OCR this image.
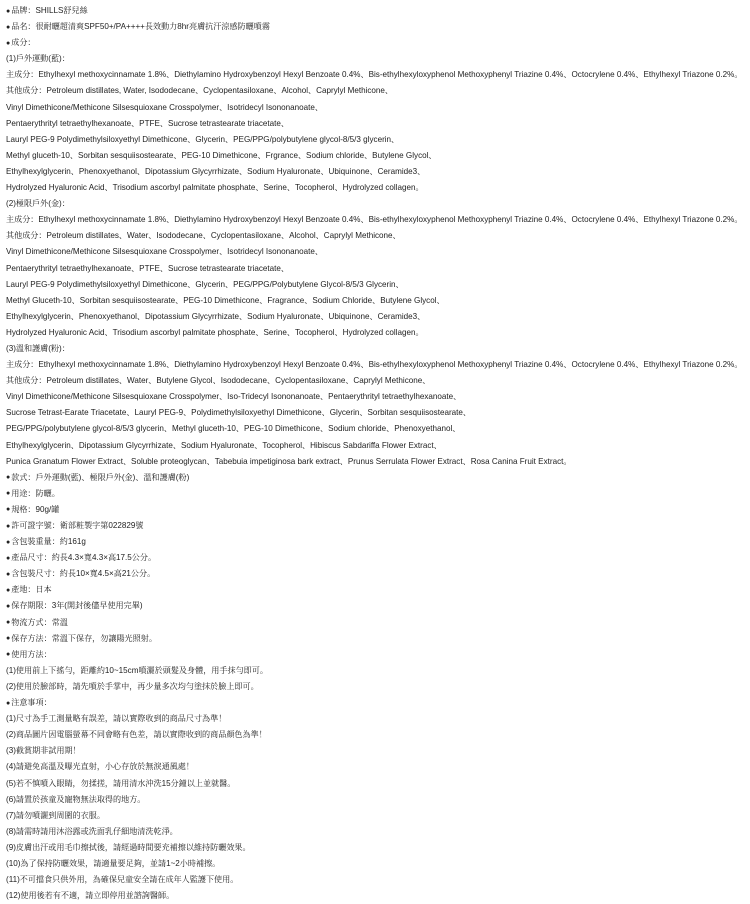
● 品牌：SHILLS舒兒絲
● 品名：很耐曬超清爽SPF50+/PA++++長效動力8hr亮膚抗汗涼感防曬噴霧
● 成分：
(1)戶外運動(藍)：
主成分：Ethylhexyl methoxycinnamate 1.8%、Diethylamino Hydroxybenzoyl Hexyl Benzoate 0.4%、Bis-ethylhexyloxyphenol Methoxyphenyl Triazine 0.4%、Octocrylene 0.4%、Ethylhexyl Triazone 0.2%。
其他成分：Petroleum distillates, Water, Isododecane、Cyclopentasiloxane、Alcohol、Caprylyl Methicone、
Vinyl Dimethicone/Methicone Silsesquioxane Crosspolymer、Isotridecyl Isononanoate、
Pentaerythrityl tetraethylhexanoate、PTFE、Sucrose tetrastearate triacetate、
Lauryl PEG-9 Polydimethylsiloxyethyl Dimethicone、Glycerin、PEG/PPG/polybutylene glycol-8/5/3 glycerin、
Methyl gluceth-10、Sorbitan sesquiisostearate、PEG-10 Dimethicone、Frgrance、Sodium chloride、Butylene Glycol、
Ethylhexylglycerin、Phenoxyethanol、Dipotassium Glycyrrhizate、Sodium Hyaluronate、Ubiquinone、Ceramide3、
Hydrolyzed Hyaluronic Acid、Trisodium ascorbyl palmitate phosphate、Serine、Tocopherol、Hydrolyzed collagen。
(2)極限戶外(金)：
主成分：Ethylhexyl methoxycinnamate 1.8%、Diethylamino Hydroxybenzoyl Hexyl Benzoate 0.4%、Bis-ethylhexyloxyphenol Methoxyphenyl Triazine 0.4%、Octocrylene 0.4%、Ethylhexyl Triazone 0.2%。
其他成分：Petroleum distillates、Water、Isododecane、Cyclopentasiloxane、Alcohol、Caprylyl Methicone、
Vinyl Dimethicone/Methicone Silsesquioxane Crosspolymer、Isotridecyl Isononanoate、
Pentaerythrityl tetraethylhexanoate、PTFE、Sucrose tetrastearate triacetate、
Lauryl PEG-9 Polydimethylsiloxyethyl Dimethicone、Glycerin、PEG/PPG/Polybutylene Glycol-8/5/3 Glycerin、
Methyl Gluceth-10、Sorbitan sesquiisostearate、PEG-10 Dimethicone、Fragrance、Sodium Chloride、Butylene Glycol、
Ethylhexylglycerin、Phenoxyethanol、Dipotassium Glycyrrhizate、Sodium Hyaluronate、Ubiquinone、Ceramide3、
Hydrolyzed Hyaluronic Acid、Trisodium ascorbyl palmitate phosphate、Serine、Tocopherol、Hydrolyzed collagen。
(3)溫和護膚(粉)：
主成分：Ethylhexyl methoxycinnamate 1.8%、Diethylamino Hydroxybenzoyl Hexyl Benzoate 0.4%、Bis-ethylhexyloxyphenol Methoxyphenyl Triazine 0.4%、Octocrylene 0.4%、Ethylhexyl Triazone 0.2%。
其他成分：Petroleum distillates、Water、Butylene Glycol、Isododecane、Cyclopentasiloxane、Caprylyl Methicone、
Vinyl Dimethicone/Methicone Silsesquioxane Crosspolymer、Iso-Tridecyl Isononanoate、Pentaerythrityl tetraethylhexanoate、
Sucrose Tetrast-Earate Triacetate、Lauryl PEG-9、Polydimethylsiloxyethyl Dimethicone、Glycerin、Sorbitan sesquiisostearate、
PEG/PPG/polybutylene glycol-8/5/3 glycerin、Methyl gluceth-10、PEG-10 Dimethicone、Sodium chloride、Phenoxyethanol、
Ethylhexylglycerin、Dipotassium Glycyrrhizate、Sodium Hyaluronate、Tocopherol、Hibiscus Sabdariffa Flower Extract、
Punica Granatum Flower Extract、Soluble proteoglycan、Tabebuia impetiginosa bark extract、Prunus Serrulata Flower Extract、Rosa Canina Fruit Extract。
● 款式：戶外運動(藍)、極限戶外(金)、溫和護膚(粉)
● 用途：防曬。
● 規格：90g/罐
● 許可證字號：衛部粧製字第022829號
● 含包裝重量：約161g
● 產品尺寸：約長4.3×寬4.3×高17.5公分。
● 含包裝尺寸：約長10×寬4.5×高21公分。
● 產地：日本
● 保存期限：3年(開封後儘早使用完畢)
● 物流方式：常溫
● 保存方法：常溫下保存，勿讓陽光照射。
● 使用方法：
(1)使用前上下搖勻，距離約10~15cm噴灑於頭髮及身體，用手抹勻即可。
(2)使用於臉部時，請先噴於手掌中，再少量多次均勻塗抹於臉上即可。
● 注意事項：
(1)尺寸為手工測量略有誤差，請以實際收到的商品尺寸為準！
(2)商品圖片因電腦螢幕不同會略有色差，請以實際收到的商品顏色為準！
(3)截賞期非試用期！
(4)請避免高溫及曝光直射，小心存放於無淚通風處！
(5)若不慎噴入眼睛，勿揉搓，請用清水沖洗15分鐘以上並就醫。
(6)請置於孩童及寵物無法取得的地方。
(7)請勿噴灑到周圍的衣服。
(8)請需時請用沐浴露或洗面乳仔細地清洗乾淨。
(9)皮膚出汗或用毛巾擦拭後，請經過時間要充補擦以維持防曬效果。
(10)為了保持防曬效果，請適量要足夠，並請1~2小時補擦。
(11)不可擋食只供外用，為確保兒童安全請在成年人監護下使用。
(12)使用後若有不適，請立即停用並諮詢醫師。
